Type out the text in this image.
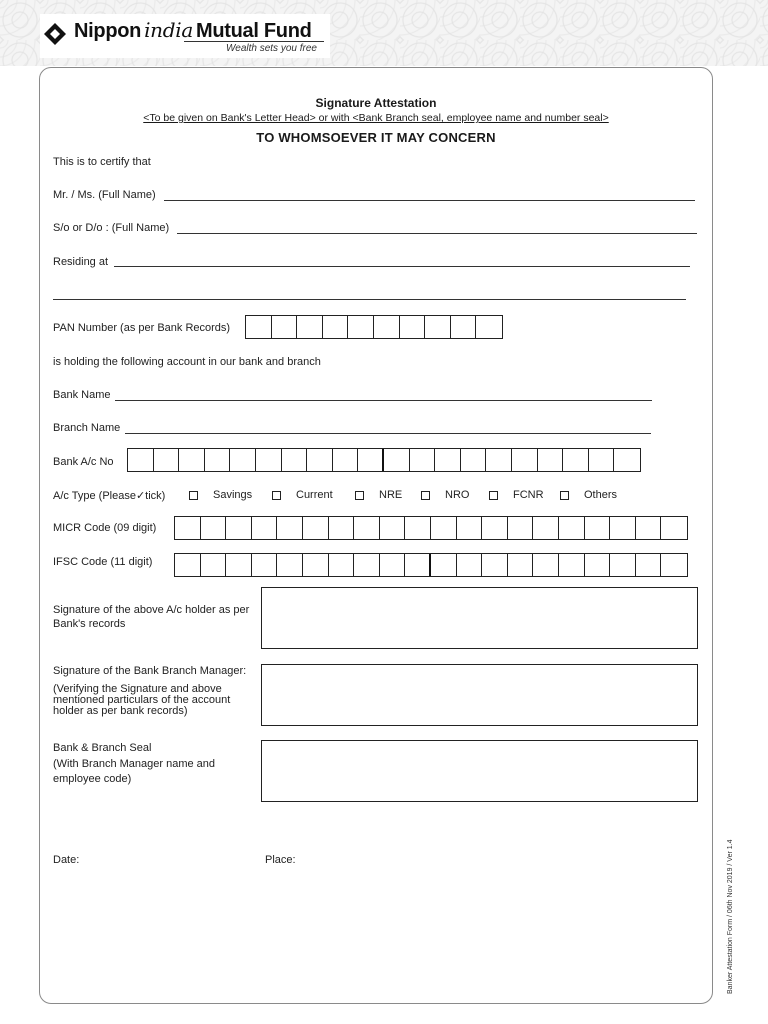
Nippon india Mutual Fund
Wealth sets you free
Signature Attestation
<To be given on Bank's Letter Head> or with <Bank Branch seal, employee name and number seal>
TO WHOMSOEVER IT MAY CONCERN
This is to certify that
Mr. / Ms. (Full Name)
S/o or D/o : (Full Name)
Residing at
PAN Number (as per Bank Records)
is holding the following account in our bank and branch
Bank Name
Branch Name
Bank A/c No
A/c Type (Please✓tick)	Savings	Current	NRE	NRO	FCNR	Others
MICR Code (09 digit)
IFSC Code (11 digit)
Signature of the above A/c holder as per Bank's records
Signature of the Bank Branch Manager:
(Verifying the Signature and above mentioned particulars of the account holder as per bank records)
Bank & Branch Seal
(With Branch Manager name and employee code)
Date:	Place:	Banker Attestation Form / 06th Nov 2019 / Ver 1.4
